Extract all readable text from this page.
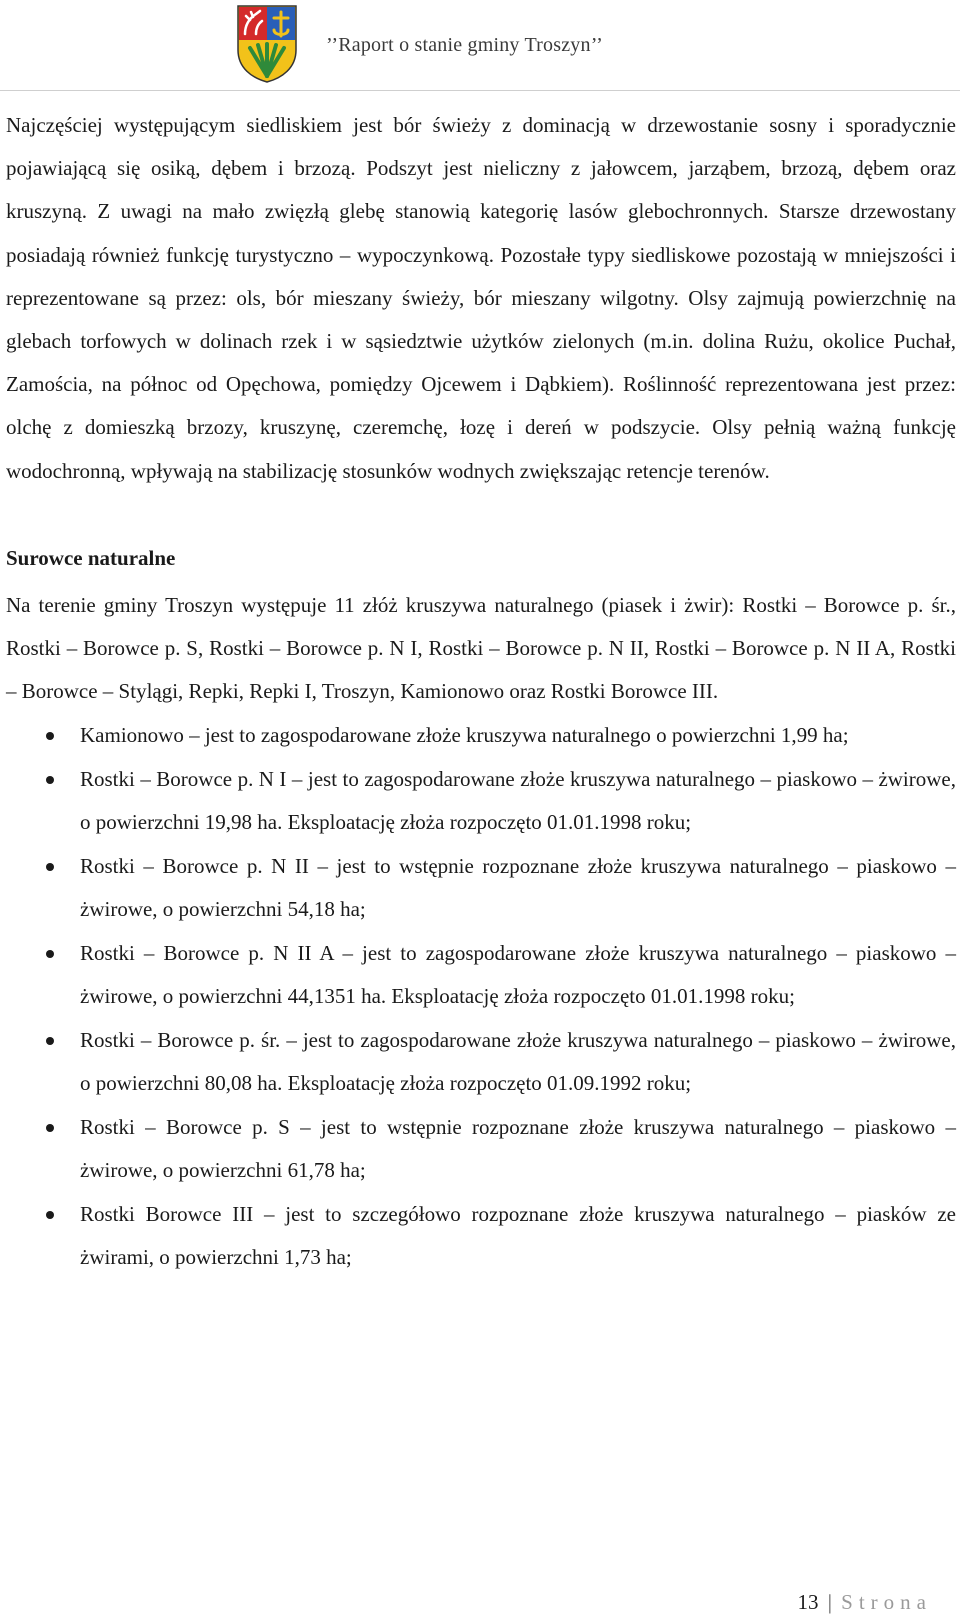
’’Raport o stanie gminy Troszyn’’

Najczęściej występującym siedliskiem jest bór świeży z dominacją w drzewostanie sosny i sporadycznie pojawiającą się osiką, dębem i brzozą. Podszyt jest nieliczny z jałowcem, jarząbem, brzozą, dębem oraz kruszyną. Z uwagi na mało zwięzłą glebę stanowią kategorię lasów glebochronnych. Starsze drzewostany posiadają również funkcję turystyczno – wypoczynkową. Pozostałe typy siedliskowe pozostają w mniejszości i reprezentowane są przez: ols, bór mieszany świeży, bór mieszany wilgotny. Olsy zajmują powierzchnię na glebach torfowych w dolinach rzek i w sąsiedztwie użytków zielonych (m.in. dolina Rużu, okolice Puchał, Zamościa, na północ od Opęchowa, pomiędzy Ojcewem i Dąbkiem). Roślinność reprezentowana jest przez: olchę z domieszką brzozy, kruszynę, czeremchę, łozę i dereń w podszycie. Olsy pełnią ważną funkcję wodochronną, wpływają na stabilizację stosunków wodnych zwiększając retencje terenów.

Surowce naturalne

Na terenie gminy Troszyn występuje 11 złóż kruszywa naturalnego (piasek i żwir): Rostki – Borowce p. śr., Rostki – Borowce p. S, Rostki – Borowce p. N I, Rostki – Borowce p. N II, Rostki – Borowce p. N II A, Rostki – Borowce – Stylągi, Repki, Repki I, Troszyn, Kamionowo oraz Rostki Borowce III.

Kamionowo – jest to zagospodarowane złoże kruszywa naturalnego o powierzchni 1,99 ha;
Rostki – Borowce p. N I – jest to zagospodarowane złoże kruszywa naturalnego – piaskowo – żwirowe, o powierzchni 19,98 ha. Eksploatację złoża rozpoczęto 01.01.1998 roku;
Rostki – Borowce p. N II – jest to wstępnie rozpoznane złoże kruszywa naturalnego – piaskowo – żwirowe, o powierzchni 54,18 ha;
Rostki – Borowce p. N II A – jest to zagospodarowane złoże kruszywa naturalnego – piaskowo – żwirowe, o powierzchni 44,1351 ha. Eksploatację złoża rozpoczęto 01.01.1998 roku;
Rostki – Borowce p. śr. – jest to zagospodarowane złoże kruszywa naturalnego – piaskowo – żwirowe, o powierzchni 80,08 ha. Eksploatację złoża rozpoczęto 01.09.1992 roku;
Rostki – Borowce p. S – jest to wstępnie rozpoznane złoże kruszywa naturalnego – piaskowo – żwirowe, o powierzchni 61,78 ha;
Rostki Borowce III – jest to szczegółowo rozpoznane złoże kruszywa naturalnego – piasków ze żwirami, o powierzchni 1,73 ha;
13 | Strona
